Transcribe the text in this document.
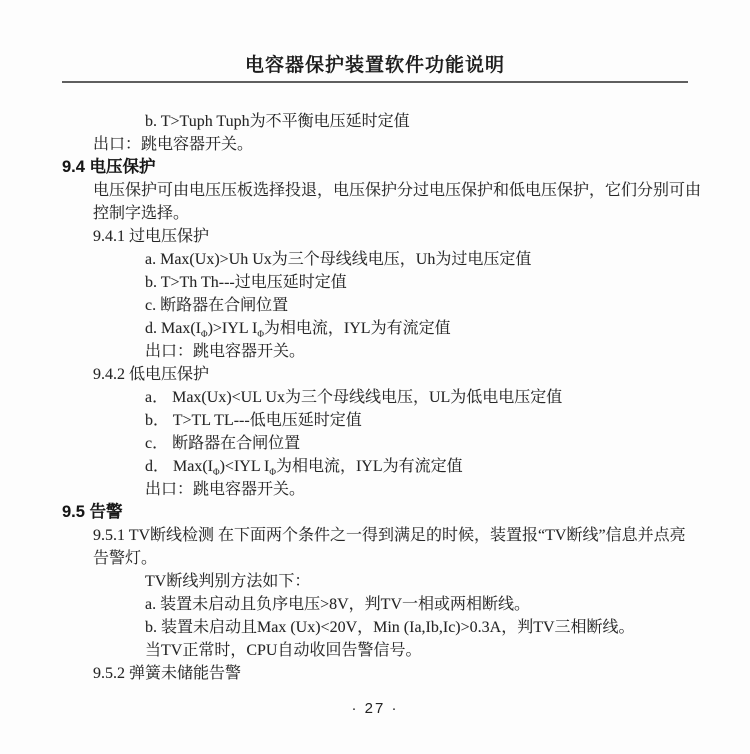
电容器保护装置软件功能说明
b. T>Tuph Tuph为不平衡电压延时定值
出口：跳电容器开关。
9.4 电压保护
电压保护可由电压压板选择投退，电压保护分过电压保护和低电压保护，它们分别可由
控制字选择。
9.4.1 过电压保护
a. Max(Ux)>Uh Ux为三个母线线电压，Uh为过电压定值
b. T>Th Th---过电压延时定值
c. 断路器在合闸位置
d. $Max(I_\Phi)>IYL$ $I_\Phi$为相电流，IYL为有流定值
出口：跳电容器开关。
9.4.2 低电压保护
a． Max(Ux)<UL Ux为三个母线线电压，UL为低电电压定值
b． T>TL TL---低电压延时定值
c． 断路器在合闸位置
d． $Max(I_\Phi)<IYL$ $I_\Phi$为相电流，IYL为有流定值
出口：跳电容器开关。
9.5 告警
9.5.1 TV断线检测 在下面两个条件之一得到满足的时候，装置报“TV断线”信息并点亮
告警灯。
TV断线判别方法如下：
a. 装置未启动且负序电压>8V，判TV一相或两相断线。
b. 装置未启动且Max (Ux)<20V，Min (Ia,Ib,Ic)>0.3A，判TV三相断线。
当TV正常时，CPU自动收回告警信号。
9.5.2 弹簧未储能告警
· 27 ·
